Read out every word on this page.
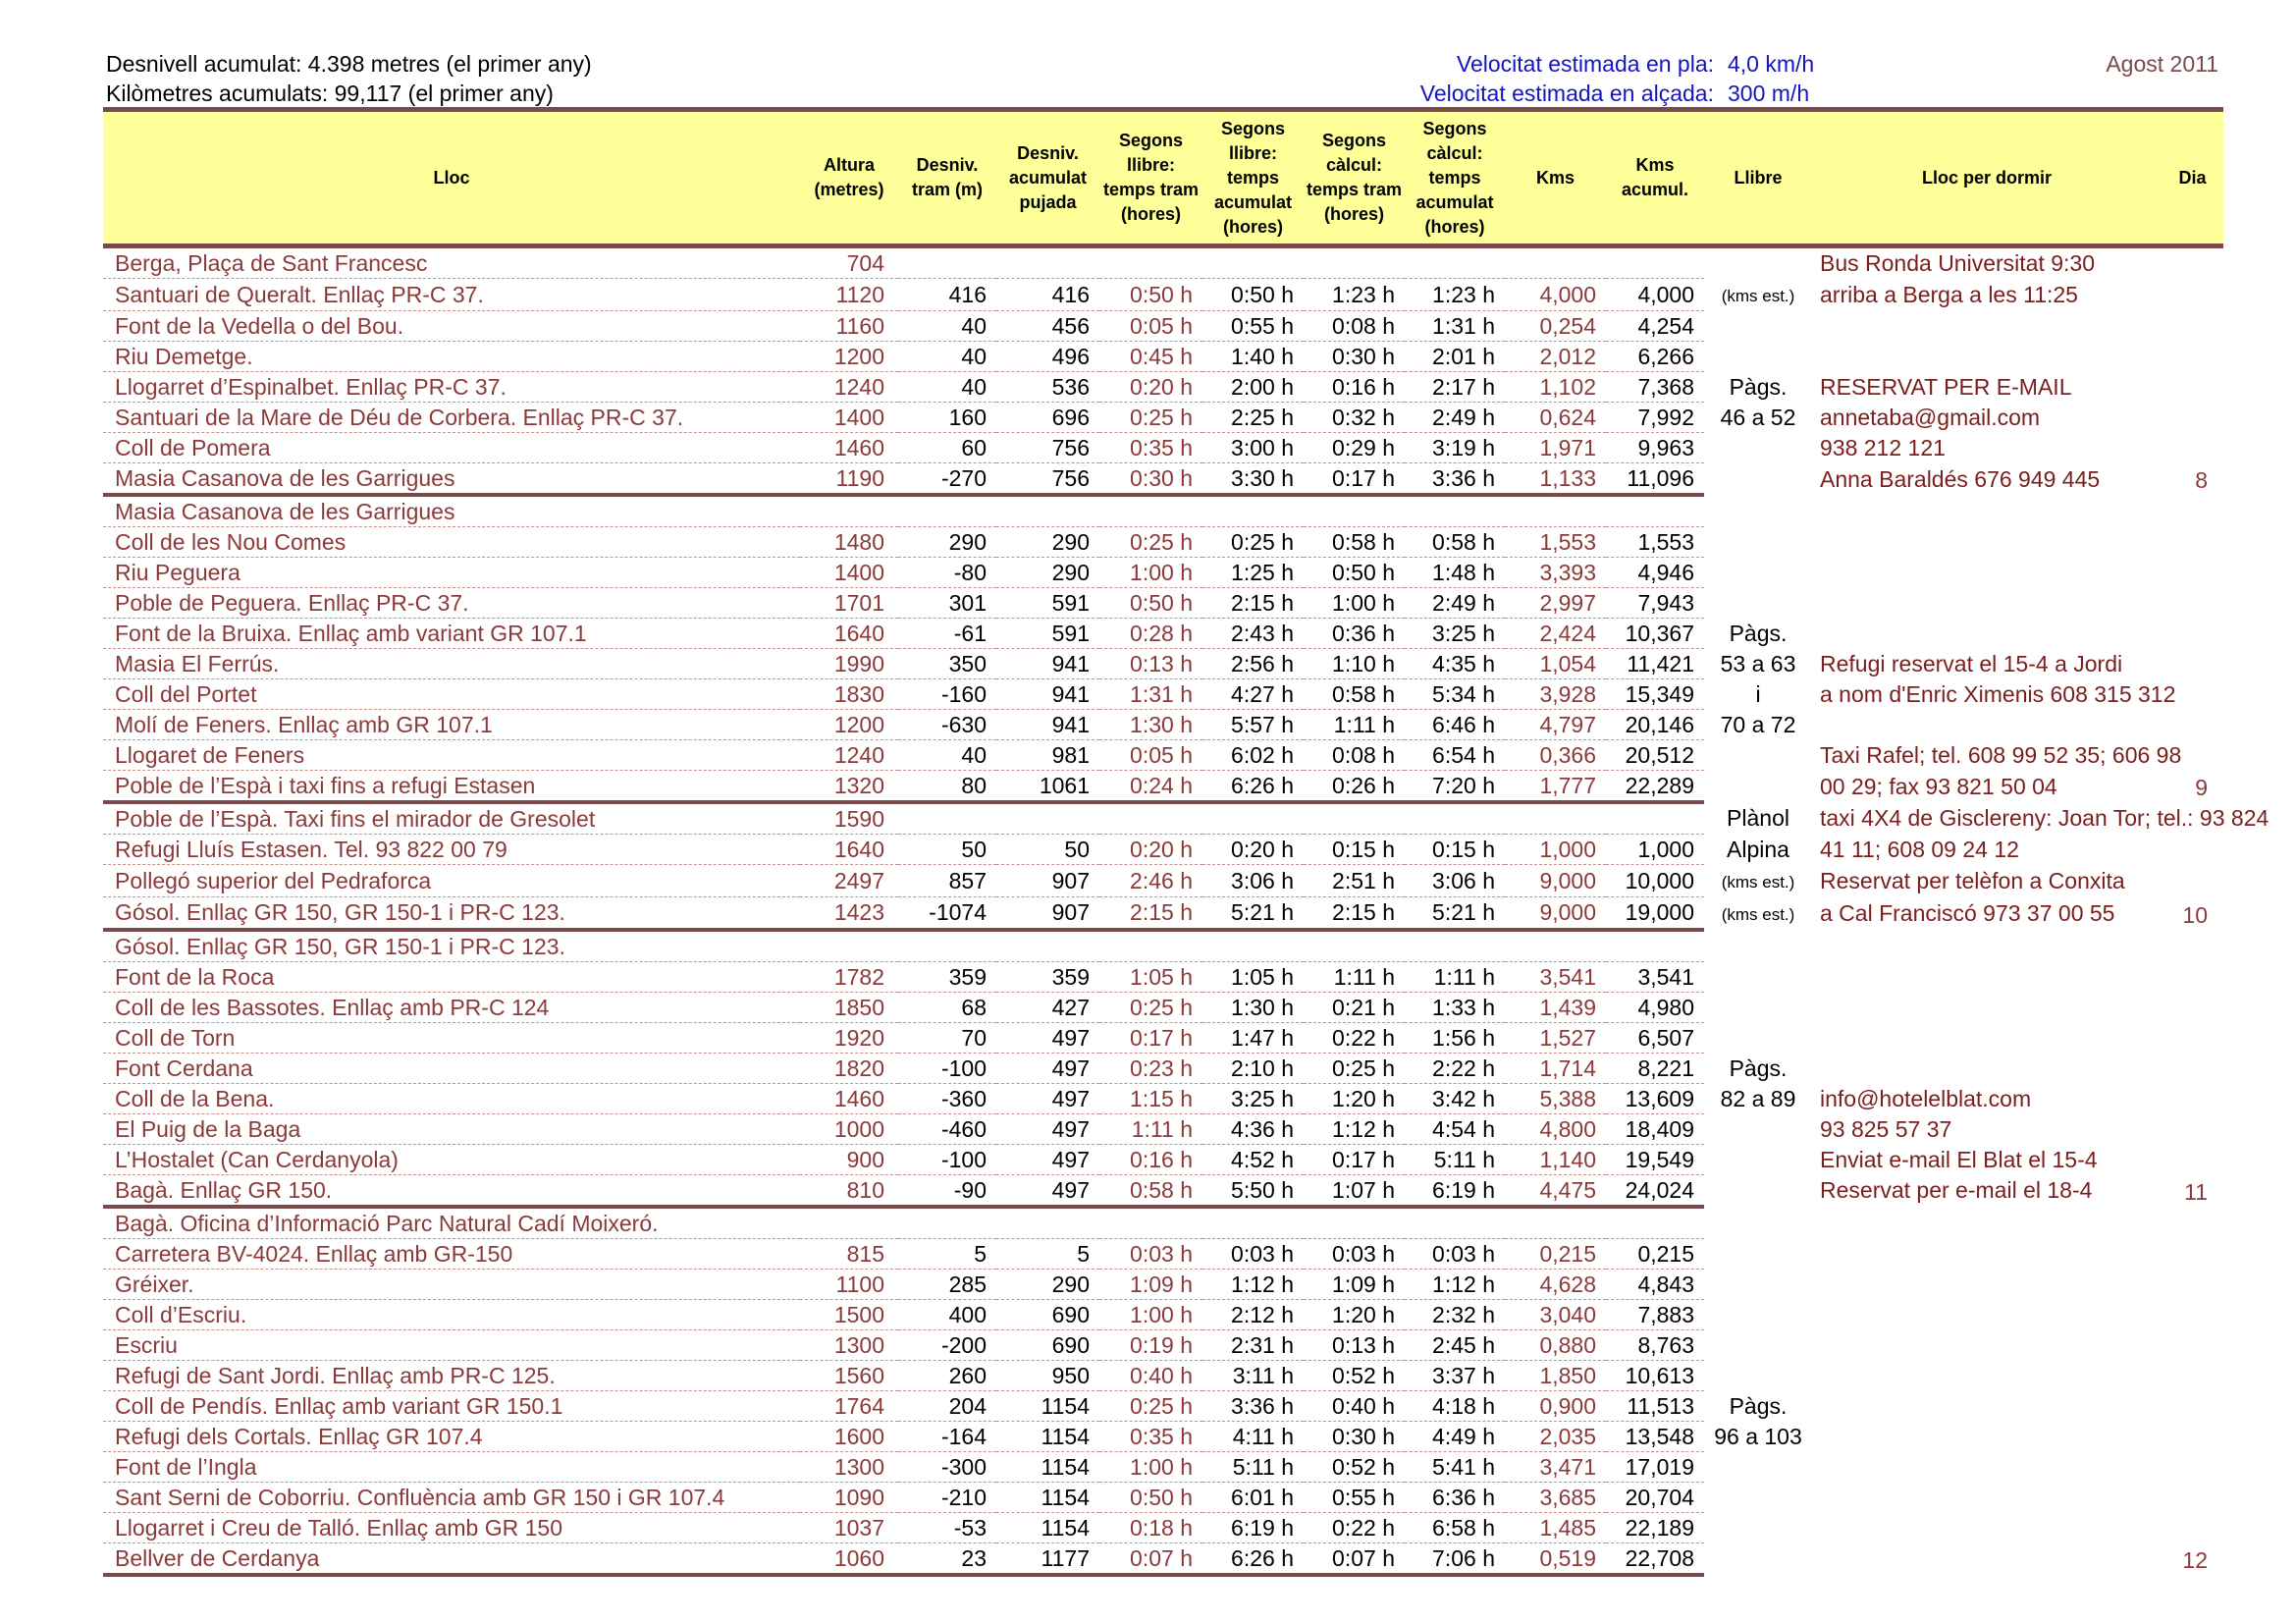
Desnivell acumulat: 4.398 metres (el primer any)
Kilòmetres acumulats: 99,117 (el primer any)
Velocitat estimada en pla: 4,0 km/h
Velocitat estimada en alçada: 300 m/h
Agost 2011
Lloc	Altura (metres)	Desniv. tram (m)	Desniv. acumulat pujada	Segons llibre: temps tram (hores)	Segons llibre: temps acumulat (hores)	Segons càlcul: temps tram (hores)	Segons càlcul: temps acumulat (hores)	Kms	Kms acumul.	Llibre	Lloc per dormir	Dia
Berga, Plaça de Sant Francesc	704										Bus Ronda Universitat 9:30	
Santuari de Queralt. Enllaç PR-C 37.	1120	416	416	0:50 h	0:50 h	1:23 h	1:23 h	4,000	4,000	(kms est.)	arriba a Berga a les 11:25	
Font de la Vedella o del Bou.	1160	40	456	0:05 h	0:55 h	0:08 h	1:31 h	0,254	4,254			
Riu Demetge.	1200	40	496	0:45 h	1:40 h	0:30 h	2:01 h	2,012	6,266			
Llogarret d’Espinalbet. Enllaç PR-C 37.	1240	40	536	0:20 h	2:00 h	0:16 h	2:17 h	1,102	7,368	Pàgs.	RESERVAT PER E-MAIL	
Santuari de la Mare de Déu de Corbera. Enllaç PR-C 37.	1400	160	696	0:25 h	2:25 h	0:32 h	2:49 h	0,624	7,992	46 a 52	annetaba@gmail.com	
Coll de Pomera	1460	60	756	0:35 h	3:00 h	0:29 h	3:19 h	1,971	9,963		938 212 121	
Masia Casanova de les Garrigues	1190	-270	756	0:30 h	3:30 h	0:17 h	3:36 h	1,133	11,096		Anna Baraldés 676 949 445	8
Masia Casanova de les Garrigues												
Coll de les Nou Comes	1480	290	290	0:25 h	0:25 h	0:58 h	0:58 h	1,553	1,553			
Riu Peguera	1400	-80	290	1:00 h	1:25 h	0:50 h	1:48 h	3,393	4,946			
Poble de Peguera. Enllaç PR-C 37.	1701	301	591	0:50 h	2:15 h	1:00 h	2:49 h	2,997	7,943			
Font de la Bruixa. Enllaç amb variant GR 107.1	1640	-61	591	0:28 h	2:43 h	0:36 h	3:25 h	2,424	10,367	Pàgs.		
Masia El Ferrús.	1990	350	941	0:13 h	2:56 h	1:10 h	4:35 h	1,054	11,421	53 a 63	Refugi reservat el 15-4 a Jordi	
Coll del Portet	1830	-160	941	1:31 h	4:27 h	0:58 h	5:34 h	3,928	15,349	i	a nom d'Enric Ximenis 608 315 312	
Molí de Feners. Enllaç amb GR 107.1	1200	-630	941	1:30 h	5:57 h	1:11 h	6:46 h	4,797	20,146	70 a 72		
Llogaret de Feners	1240	40	981	0:05 h	6:02 h	0:08 h	6:54 h	0,366	20,512		Taxi Rafel; tel. 608 99 52 35; 606 98	
Poble de l’Espà i taxi fins a refugi Estasen	1320	80	1061	0:24 h	6:26 h	0:26 h	7:20 h	1,777	22,289		00 29; fax 93 821 50 04	9
Poble de l’Espà. Taxi fins el mirador de Gresolet	1590									Plànol	taxi 4X4 de Gisclereny: Joan Tor; tel.: 93 824	
Refugi Lluís Estasen. Tel. 93 822 00 79	1640	50	50	0:20 h	0:20 h	0:15 h	0:15 h	1,000	1,000	Alpina	41 11; 608 09 24 12	
Pollegó superior del Pedraforca	2497	857	907	2:46 h	3:06 h	2:51 h	3:06 h	9,000	10,000	(kms est.)	Reservat per telèfon a Conxita	
Gósol. Enllaç GR 150, GR 150-1 i PR-C 123.	1423	-1074	907	2:15 h	5:21 h	2:15 h	5:21 h	9,000	19,000	(kms est.)	a Cal Franciscó 973 37 00 55	10
Gósol. Enllaç GR 150, GR 150-1 i PR-C 123.												
Font de la Roca	1782	359	359	1:05 h	1:05 h	1:11 h	1:11 h	3,541	3,541			
Coll de les Bassotes. Enllaç amb PR-C 124	1850	68	427	0:25 h	1:30 h	0:21 h	1:33 h	1,439	4,980			
Coll de Torn	1920	70	497	0:17 h	1:47 h	0:22 h	1:56 h	1,527	6,507			
Font Cerdana	1820	-100	497	0:23 h	2:10 h	0:25 h	2:22 h	1,714	8,221	Pàgs.		
Coll de la Bena.	1460	-360	497	1:15 h	3:25 h	1:20 h	3:42 h	5,388	13,609	82 a 89	info@hotelelblat.com	
El Puig de la Baga	1000	-460	497	1:11 h	4:36 h	1:12 h	4:54 h	4,800	18,409		93 825 57 37	
L’Hostalet (Can Cerdanyola)	900	-100	497	0:16 h	4:52 h	0:17 h	5:11 h	1,140	19,549		Enviat e-mail El Blat el 15-4	
Bagà. Enllaç GR 150.	810	-90	497	0:58 h	5:50 h	1:07 h	6:19 h	4,475	24,024		Reservat per e-mail el 18-4	11
Bagà. Oficina d’Informació Parc Natural Cadí Moixeró.												
Carretera BV-4024. Enllaç amb GR-150	815	5	5	0:03 h	0:03 h	0:03 h	0:03 h	0,215	0,215			
Gréixer.	1100	285	290	1:09 h	1:12 h	1:09 h	1:12 h	4,628	4,843			
Coll d’Escriu.	1500	400	690	1:00 h	2:12 h	1:20 h	2:32 h	3,040	7,883			
Escriu	1300	-200	690	0:19 h	2:31 h	0:13 h	2:45 h	0,880	8,763			
Refugi de Sant Jordi. Enllaç amb PR-C 125.	1560	260	950	0:40 h	3:11 h	0:52 h	3:37 h	1,850	10,613			
Coll de Pendís. Enllaç amb variant GR 150.1	1764	204	1154	0:25 h	3:36 h	0:40 h	4:18 h	0,900	11,513	Pàgs.		
Refugi dels Cortals. Enllaç GR 107.4	1600	-164	1154	0:35 h	4:11 h	0:30 h	4:49 h	2,035	13,548	96 a 103		
Font de l’Ingla	1300	-300	1154	1:00 h	5:11 h	0:52 h	5:41 h	3,471	17,019			
Sant Serni de Coborriu. Confluència amb GR 150 i GR 107.4	1090	-210	1154	0:50 h	6:01 h	0:55 h	6:36 h	3,685	20,704			
Llogarret i Creu de Talló. Enllaç amb GR 150	1037	-53	1154	0:18 h	6:19 h	0:22 h	6:58 h	1,485	22,189			
Bellver de Cerdanya	1060	23	1177	0:07 h	6:26 h	0:07 h	7:06 h	0,519	22,708			12
